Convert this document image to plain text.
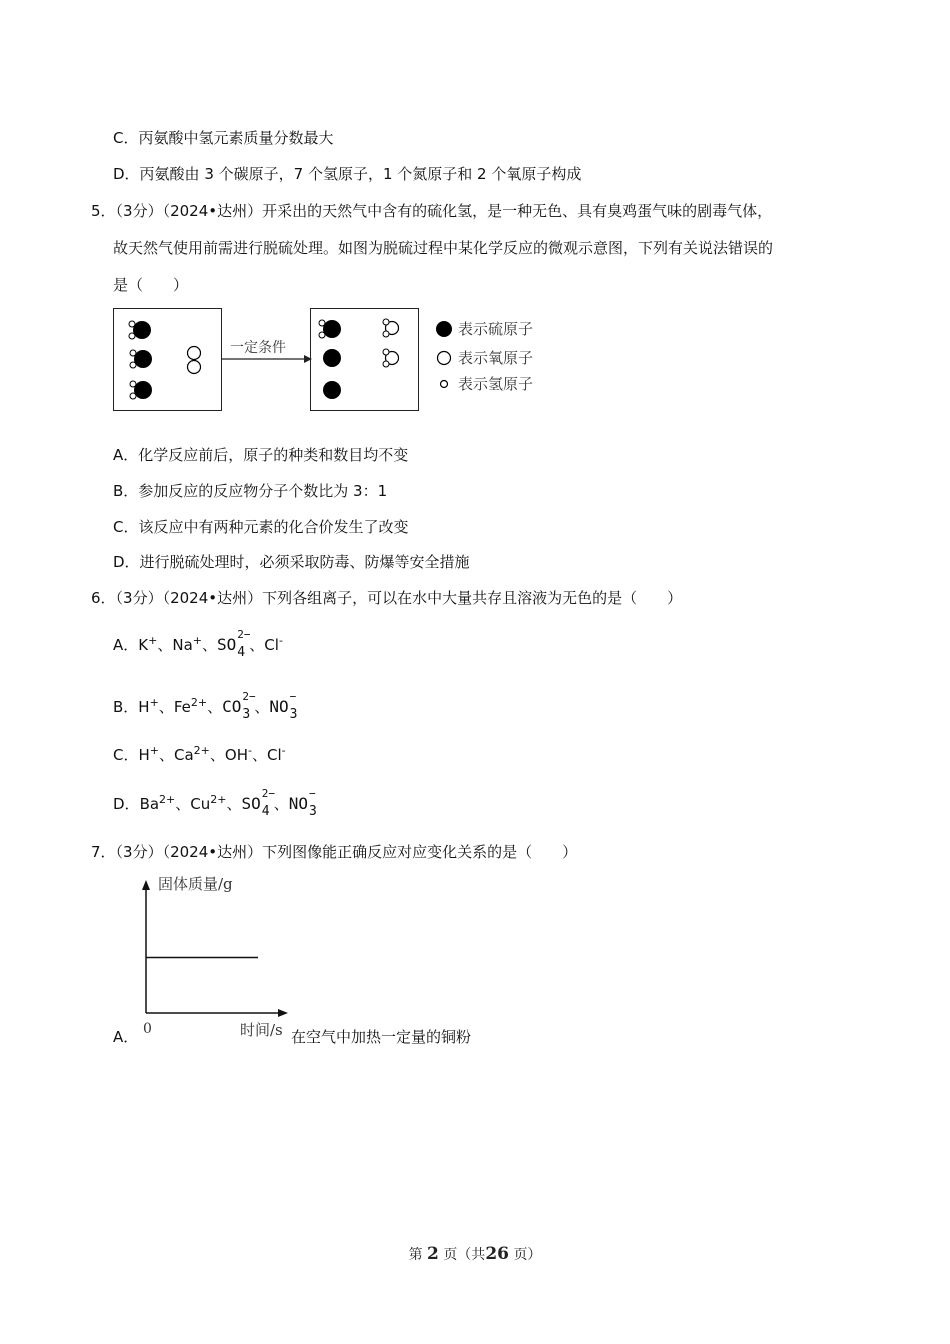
C．丙氨酸中氢元素质量分数最大
D．丙氨酸由 3 个碳原子，7 个氢原子，1 个氮原子和 2 个氧原子构成
5．（3分）（2024•达州）开采出的天然气中含有的硫化氢，是一种无色、具有臭鸡蛋气味的剧毒气体，
故天然气使用前需进行脱硫处理。如图为脱硫过程中某化学反应的微观示意图，下列有关说法错误的
是（　　）
一定条件
表示硫原子
表示氧原子
表示氢原子
A．化学反应前后，原子的种类和数目均不变
B．参加反应的反应物分子个数比为 3：1
C．该反应中有两种元素的化合价发生了改变
D．进行脱硫处理时，必须采取防毒、防爆等安全措施
6．（3分）（2024•达州）下列各组离子，可以在水中大量共存且溶液为无色的是（　　）
A．K+、Na+、SO
2−
4 、Cl-
B．H+、$Fe^{2+}$、CO
2−
3 、NO
−
3
C．H+、$Ca^{2+}$、OH-、Cl-
D．$Ba^{2+}$、$Cu^{2+}$、SO
2−
4 、NO
−
3
7．（3分）（2024•达州）下列图像能正确反应对应变化关系的是（　　）
固体质量/g
0	时间/s
A．	在空气中加热一定量的铜粉
第 2 页（共26 页）
